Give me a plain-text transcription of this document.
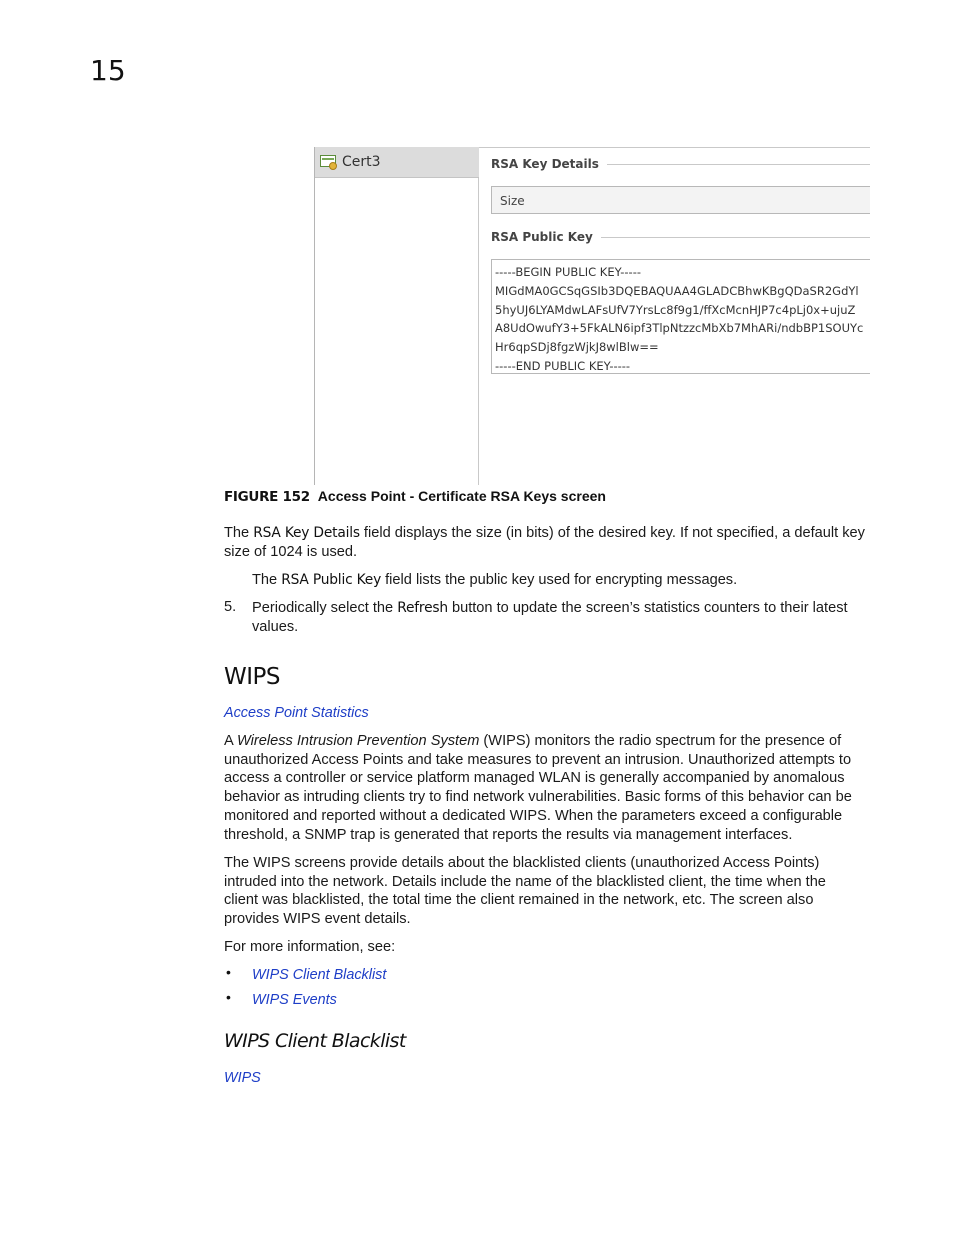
15
Cert3	RSA Key Details
Size
RSA Public Key
-----BEGIN PUBLIC KEY-----
MIGdMA0GCSqGSIb3DQEBAQUAA4GLADCBhwKBgQDaSR2GdYl
5hyUJ6LYAMdwLAFsUfV7YrsLc8f9g1/ffXcMcnHJP7c4pLj0x+ujuZ
A8UdOwufY3+5FkALN6ipf3TlpNtzzcMbXb7MhARi/ndbBP1SOUYc
Hr6qpSDj8fgzWjkJ8wlBlw==
-----END PUBLIC KEY-----
FIGURE 152 Access Point - Certificate RSA Keys screen
The RSA Key Details field displays the size (in bits) of the desired key. If not specified, a default key
size of 1024 is used.
The RSA Public Key field lists the public key used for encrypting messages.
5. Periodically select the Refresh button to update the screen’s statistics counters to their latest
values.
WIPS
Access Point Statistics
A Wireless Intrusion Prevention System (WIPS) monitors the radio spectrum for the presence of
unauthorized Access Points and take measures to prevent an intrusion. Unauthorized attempts to
access a controller or service platform managed WLAN is generally accompanied by anomalous
behavior as intruding clients try to find network vulnerabilities. Basic forms of this behavior can be
monitored and reported without a dedicated WIPS. When the parameters exceed a configurable
threshold, a SNMP trap is generated that reports the results via management interfaces.
The WIPS screens provide details about the blacklisted clients (unauthorized Access Points)
intruded into the network. Details include the name of the blacklisted client, the time when the
client was blacklisted, the total time the client remained in the network, etc. The screen also
provides WIPS event details.
For more information, see:
• WIPS Client Blacklist
• WIPS Events
WIPS Client Blacklist
WIPS
